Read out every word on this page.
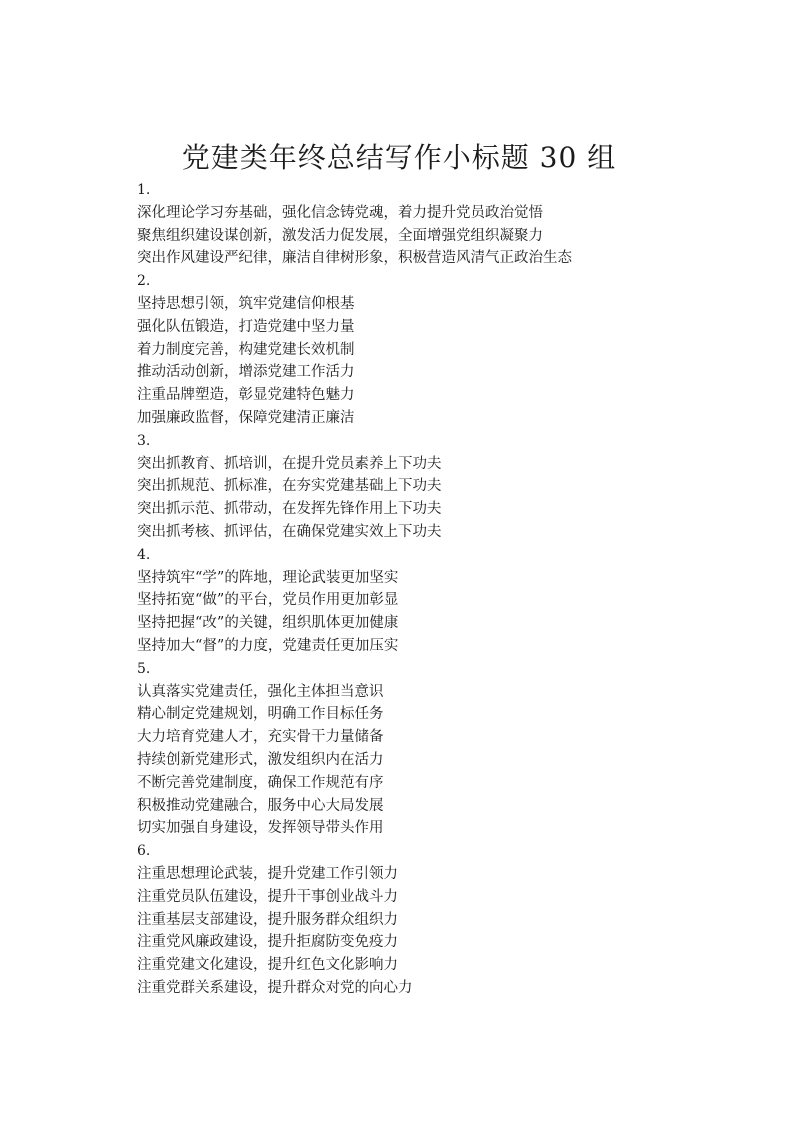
党建类年终总结写作小标题 30 组

1.

深化理论学习夯基础，强化信念铸党魂，着力提升党员政治觉悟

聚焦组织建设谋创新，激发活力促发展，全面增强党组织凝聚力

突出作风建设严纪律，廉洁自律树形象，积极营造风清气正政治生态

2.

坚持思想引领，筑牢党建信仰根基

强化队伍锻造，打造党建中坚力量

着力制度完善，构建党建长效机制

推动活动创新，增添党建工作活力

注重品牌塑造，彰显党建特色魅力

加强廉政监督，保障党建清正廉洁

3.

突出抓教育、抓培训，在提升党员素养上下功夫

突出抓规范、抓标准，在夯实党建基础上下功夫

突出抓示范、抓带动，在发挥先锋作用上下功夫

突出抓考核、抓评估，在确保党建实效上下功夫

4.

坚持筑牢“学”的阵地，理论武装更加坚实

坚持拓宽“做”的平台，党员作用更加彰显

坚持把握“改”的关键，组织肌体更加健康

坚持加大“督”的力度，党建责任更加压实

5.

认真落实党建责任，强化主体担当意识

精心制定党建规划，明确工作目标任务

大力培育党建人才，充实骨干力量储备

持续创新党建形式，激发组织内在活力

不断完善党建制度，确保工作规范有序

积极推动党建融合，服务中心大局发展

切实加强自身建设，发挥领导带头作用

6.

注重思想理论武装，提升党建工作引领力

注重党员队伍建设，提升干事创业战斗力

注重基层支部建设，提升服务群众组织力

注重党风廉政建设，提升拒腐防变免疫力

注重党建文化建设，提升红色文化影响力

注重党群关系建设，提升群众对党的向心力
